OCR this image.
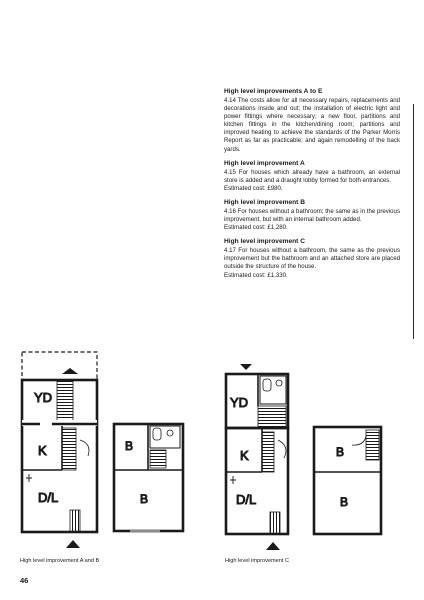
High level improvements A to E

4.14 The costs allow for all necessary repairs, replacements and decorations inside and out; the installation of electric light and power fittings where necessary; a new floor, partitions and kitchen fittings in the kitchen/dining room; partitions and improved heating to achieve the standards of the Parker Morris Report as far as practicable; and again remodelling of the back yards.

High level improvement A

4.15 For houses which already have a bathroom, an external store is added and a draught lobby formed for both entrances.

Estimated cost: £980.

High level improvement B

4.16 For houses without a bathroom; the same as in the previous improvement, but with an internal bathroom added.

Estimated cost: £1,280.

High level improvement C

4.17 For houses without a bathroom, the same as the previous improvement but the bathroom and an attached store are placed outside the structure of the house.

Estimated cost: £1,330.

YD
K
D/L
B
B
YD
K
D/L
B
B
High level improvement A and B	High level improvement C
46
